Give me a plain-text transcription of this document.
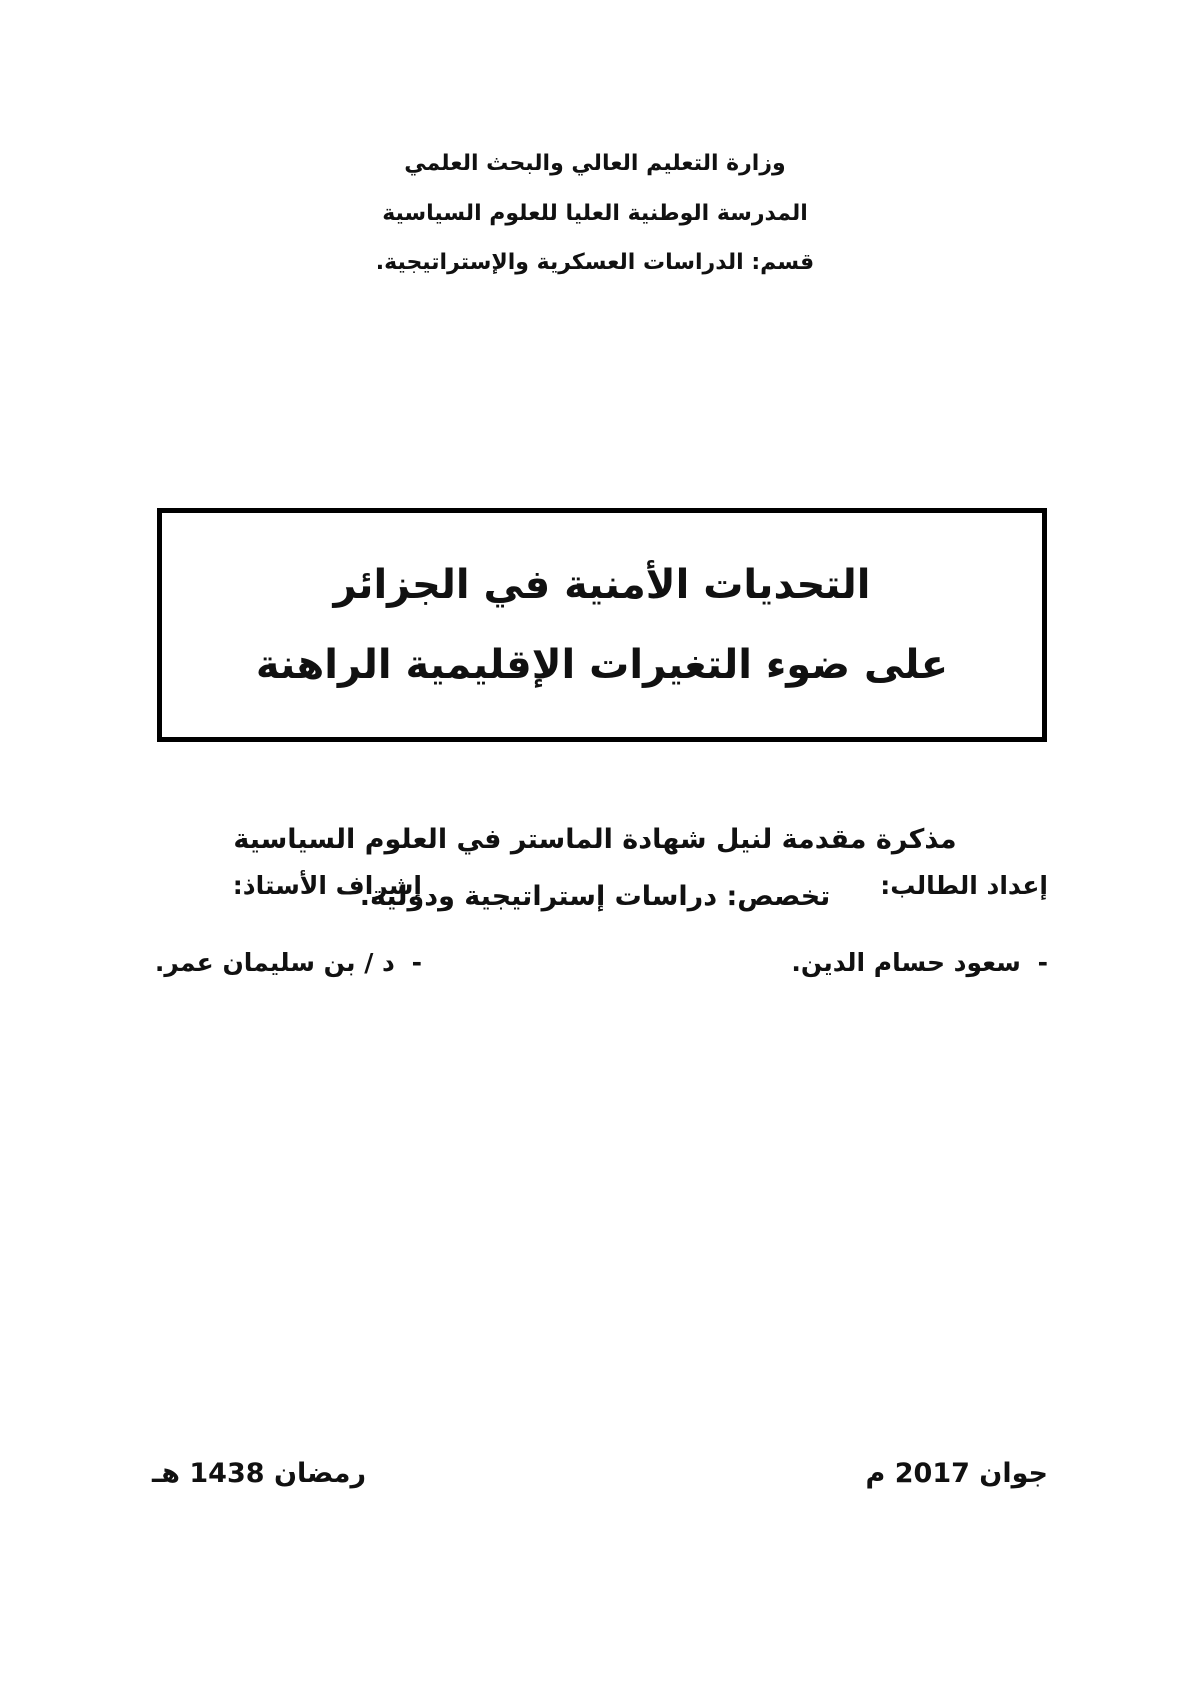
وزارة التعليم العالي والبحث العلمي
المدرسة الوطنية العليا للعلوم السياسية
قسم: الدراسات العسكرية والإستراتيجية.
التحديات الأمنية في الجزائر
على ضوء التغيرات الإقليمية الراهنة
مذكرة مقدمة لنيل شهادة الماستر في العلوم السياسية
تخصص: دراسات إستراتيجية ودولية.	إعداد الطالب:
- سعود حسام الدين.
إشراف الأستاذ:
- د / بن سليمان عمر.
جوان 2017 م
رمضان 1438 هـ
